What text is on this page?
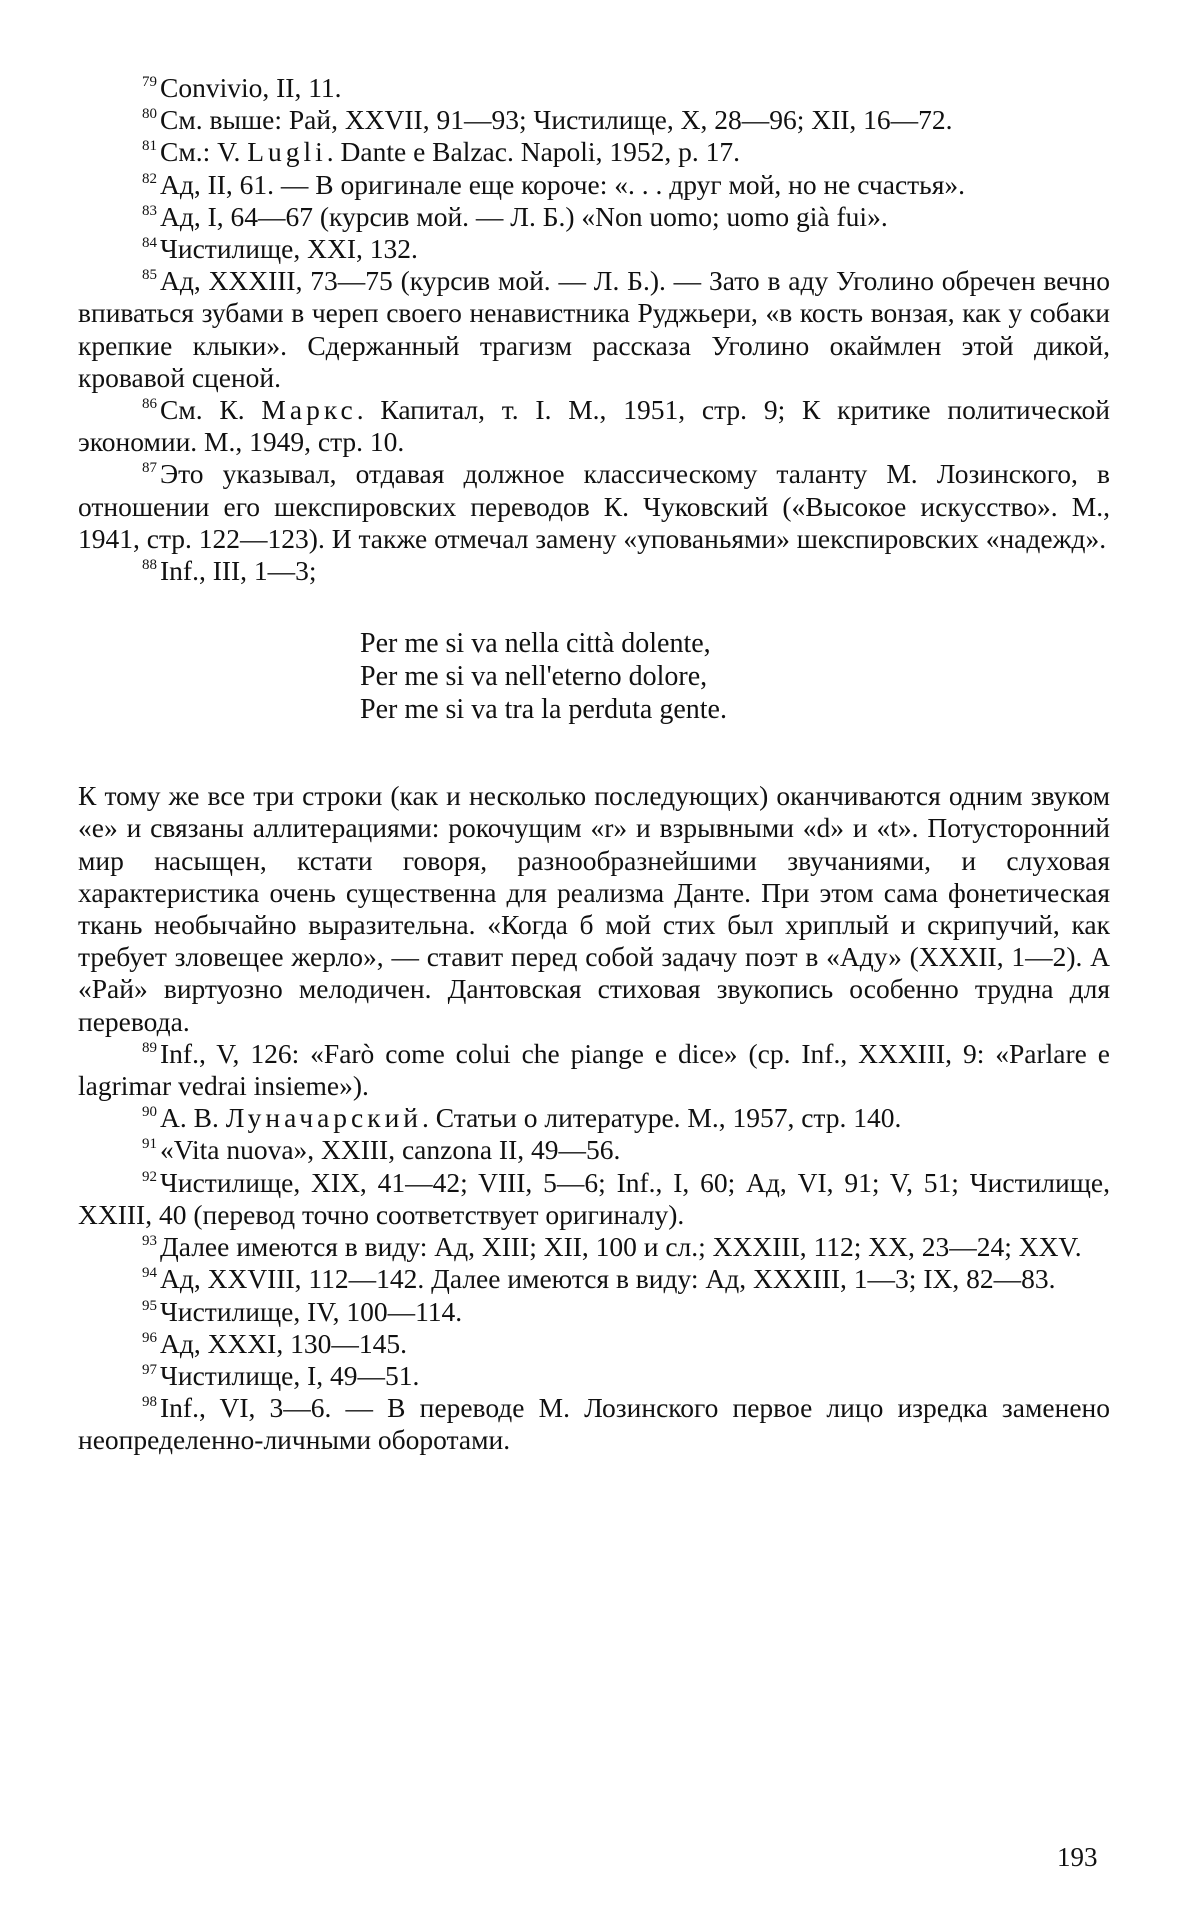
$^{79}$ Convivio, II, 11.

$^{80}$ См. выше: Рай, XXVII, 91—93; Чистилище, X, 28—96; XII, 16—72.

$^{81}$ См.: V. Lugli. Dante e Balzac. Napoli, 1952, p. 17.

$^{82}$ Ад, II, 61. — В оригинале еще короче: «. . . друг мой, но не счастья».

$^{83}$ Ад, I, 64—67 (курсив мой. — Л. Б.) «Non uomo; uomo già fui».

$^{84}$ Чистилище, XXI, 132.

$^{85}$ Ад, XXXIII, 73—75 (курсив мой. — Л. Б.). — Зато в аду Уголино обречен вечно впиваться зубами в череп своего ненавистника Руджьери, «в кость вонзая, как у собаки крепкие клыки». Сдержанный трагизм рассказа Уголино окаймлен этой дикой, кровавой сценой.

$^{86}$ См. К. Маркс. Капитал, т. I. М., 1951, стр. 9; К критике политической экономии. М., 1949, стр. 10.

$^{87}$ Это указывал, отдавая должное классическому таланту М. Лозинского, в отношении его шекспировских переводов К. Чуковский («Высокое искусство». М., 1941, стр. 122—123). И также отмечал замену «упованьями» шекспировских «надежд».

$^{88}$ Inf., III, 1—3;

Per me si va nella città dolente,
Per me si va nell'eterno dolore,
Per me si va tra la perduta gente.

К тому же все три строки (как и несколько последующих) оканчиваются одним звуком «е» и связаны аллитерациями: рокочущим «r» и взрывными «d» и «t». Потусторонний мир насыщен, кстати говоря, разнообразнейшими звучаниями, и слуховая характеристика очень существенна для реализма Данте. При этом сама фонетическая ткань необычайно выразительна. «Когда б мой стих был хриплый и скрипучий, как требует зловещее жерло», — ставит перед собой задачу поэт в «Аду» (XXXII, 1—2). А «Рай» виртуозно мелодичен. Дантовская стиховая звукопись особенно трудна для перевода.

$^{89}$ Inf., V, 126: «Farò come colui che piange e dice» (ср. Inf., XXXIII, 9: «Parlare e lagrimar vedrai insieme»).

$^{90}$ А. В. Луначарский. Статьи о литературе. М., 1957, стр. 140.

$^{91}$ «Vita nuova», XXIII, canzona II, 49—56.

$^{92}$ Чистилище, XIX, 41—42; VIII, 5—6; Inf., I, 60; Ад, VI, 91; V, 51; Чистилище, XXIII, 40 (перевод точно соответствует оригиналу).

$^{93}$ Далее имеются в виду: Ад, XIII; XII, 100 и сл.; XXXIII, 112; XX, 23—24; XXV.

$^{94}$ Ад, XXVIII, 112—142. Далее имеются в виду: Ад, XXXIII, 1—3; IX, 82—83.

$^{95}$ Чистилище, IV, 100—114.

$^{96}$ Ад, XXXI, 130—145.

$^{97}$ Чистилище, I, 49—51.

$^{98}$ Inf., VI, 3—6. — В переводе М. Лозинского первое лицо изредка заменено неопределенно-личными оборотами.

193
